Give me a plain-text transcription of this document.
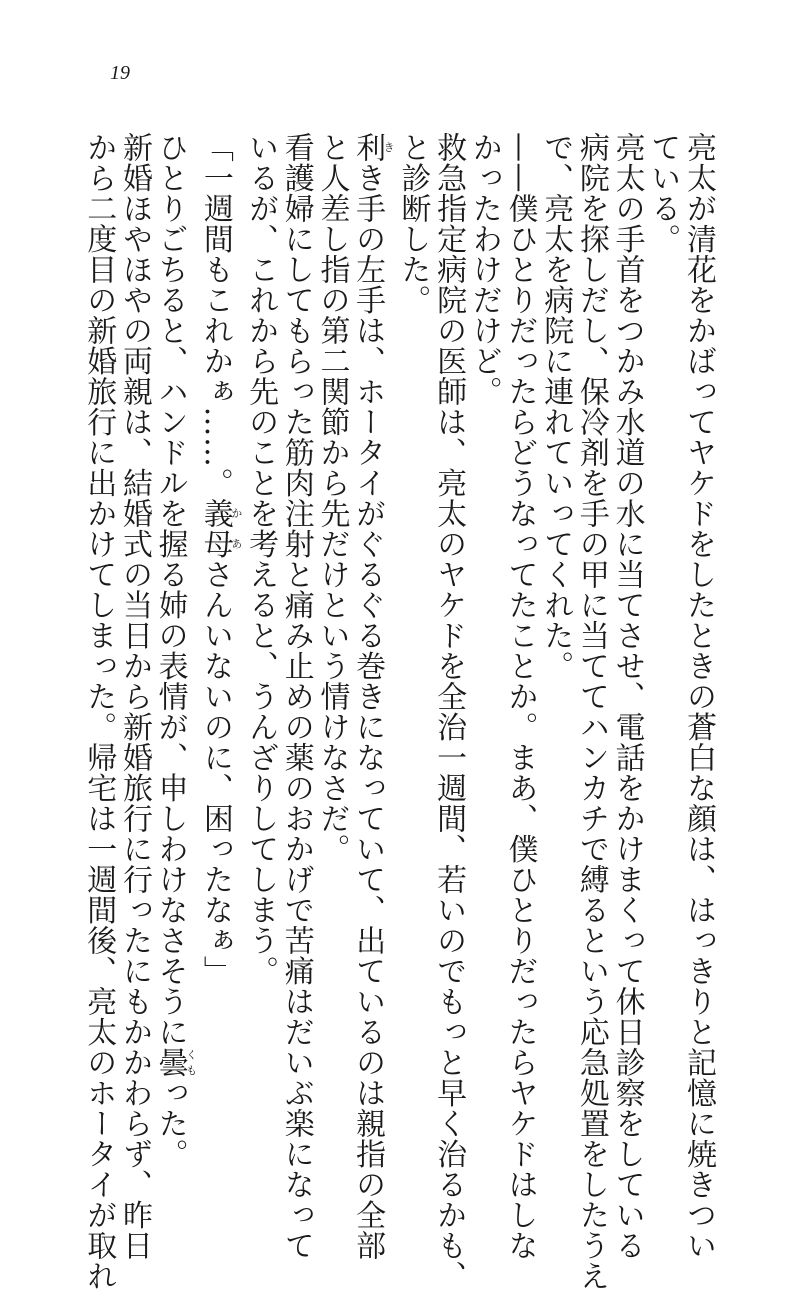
19
亮太が清花をかばってヤケドをしたときの蒼白な顔は、はっきりと記憶に焼きつい
ている。
亮太の手首をつかみ水道の水に当てさせ、電話をかけまくって休日診察をしている
病院を探しだし、保冷剤を手の甲に当ててハンカチで縛るという応急処置をしたうえ
で、亮太を病院に連れていってくれた。
——僕ひとりだったらどうなってたことか。まあ、僕ひとりだったらヤケドはしな
かったわけだけど。
救急指定病院の医師は、亮太のヤケドを全治一週間、若いのでもっと早く治るかも、
と診断した。
利きき手の左手は、ホータイがぐるぐる巻きになっていて、出ているのは親指の全部
と人差し指の第二関節から先だけという情けなさだ。
看護婦にしてもらった筋肉注射と痛み止めの薬のおかげで苦痛はだいぶ楽になって
いるが、これから先のことを考えると、うんざりしてしまう。
「一週間もこれかぁ……。義母かあさんいないのに、困ったなぁ」
ひとりごちると、ハンドルを握る姉の表情が、申しわけなさそうに曇くもった。
新婚ほやほやの両親は、結婚式の当日から新婚旅行に行ったにもかかわらず、昨日
から二度目の新婚旅行に出かけてしまった。帰宅は一週間後、亮太のホータイが取れ
